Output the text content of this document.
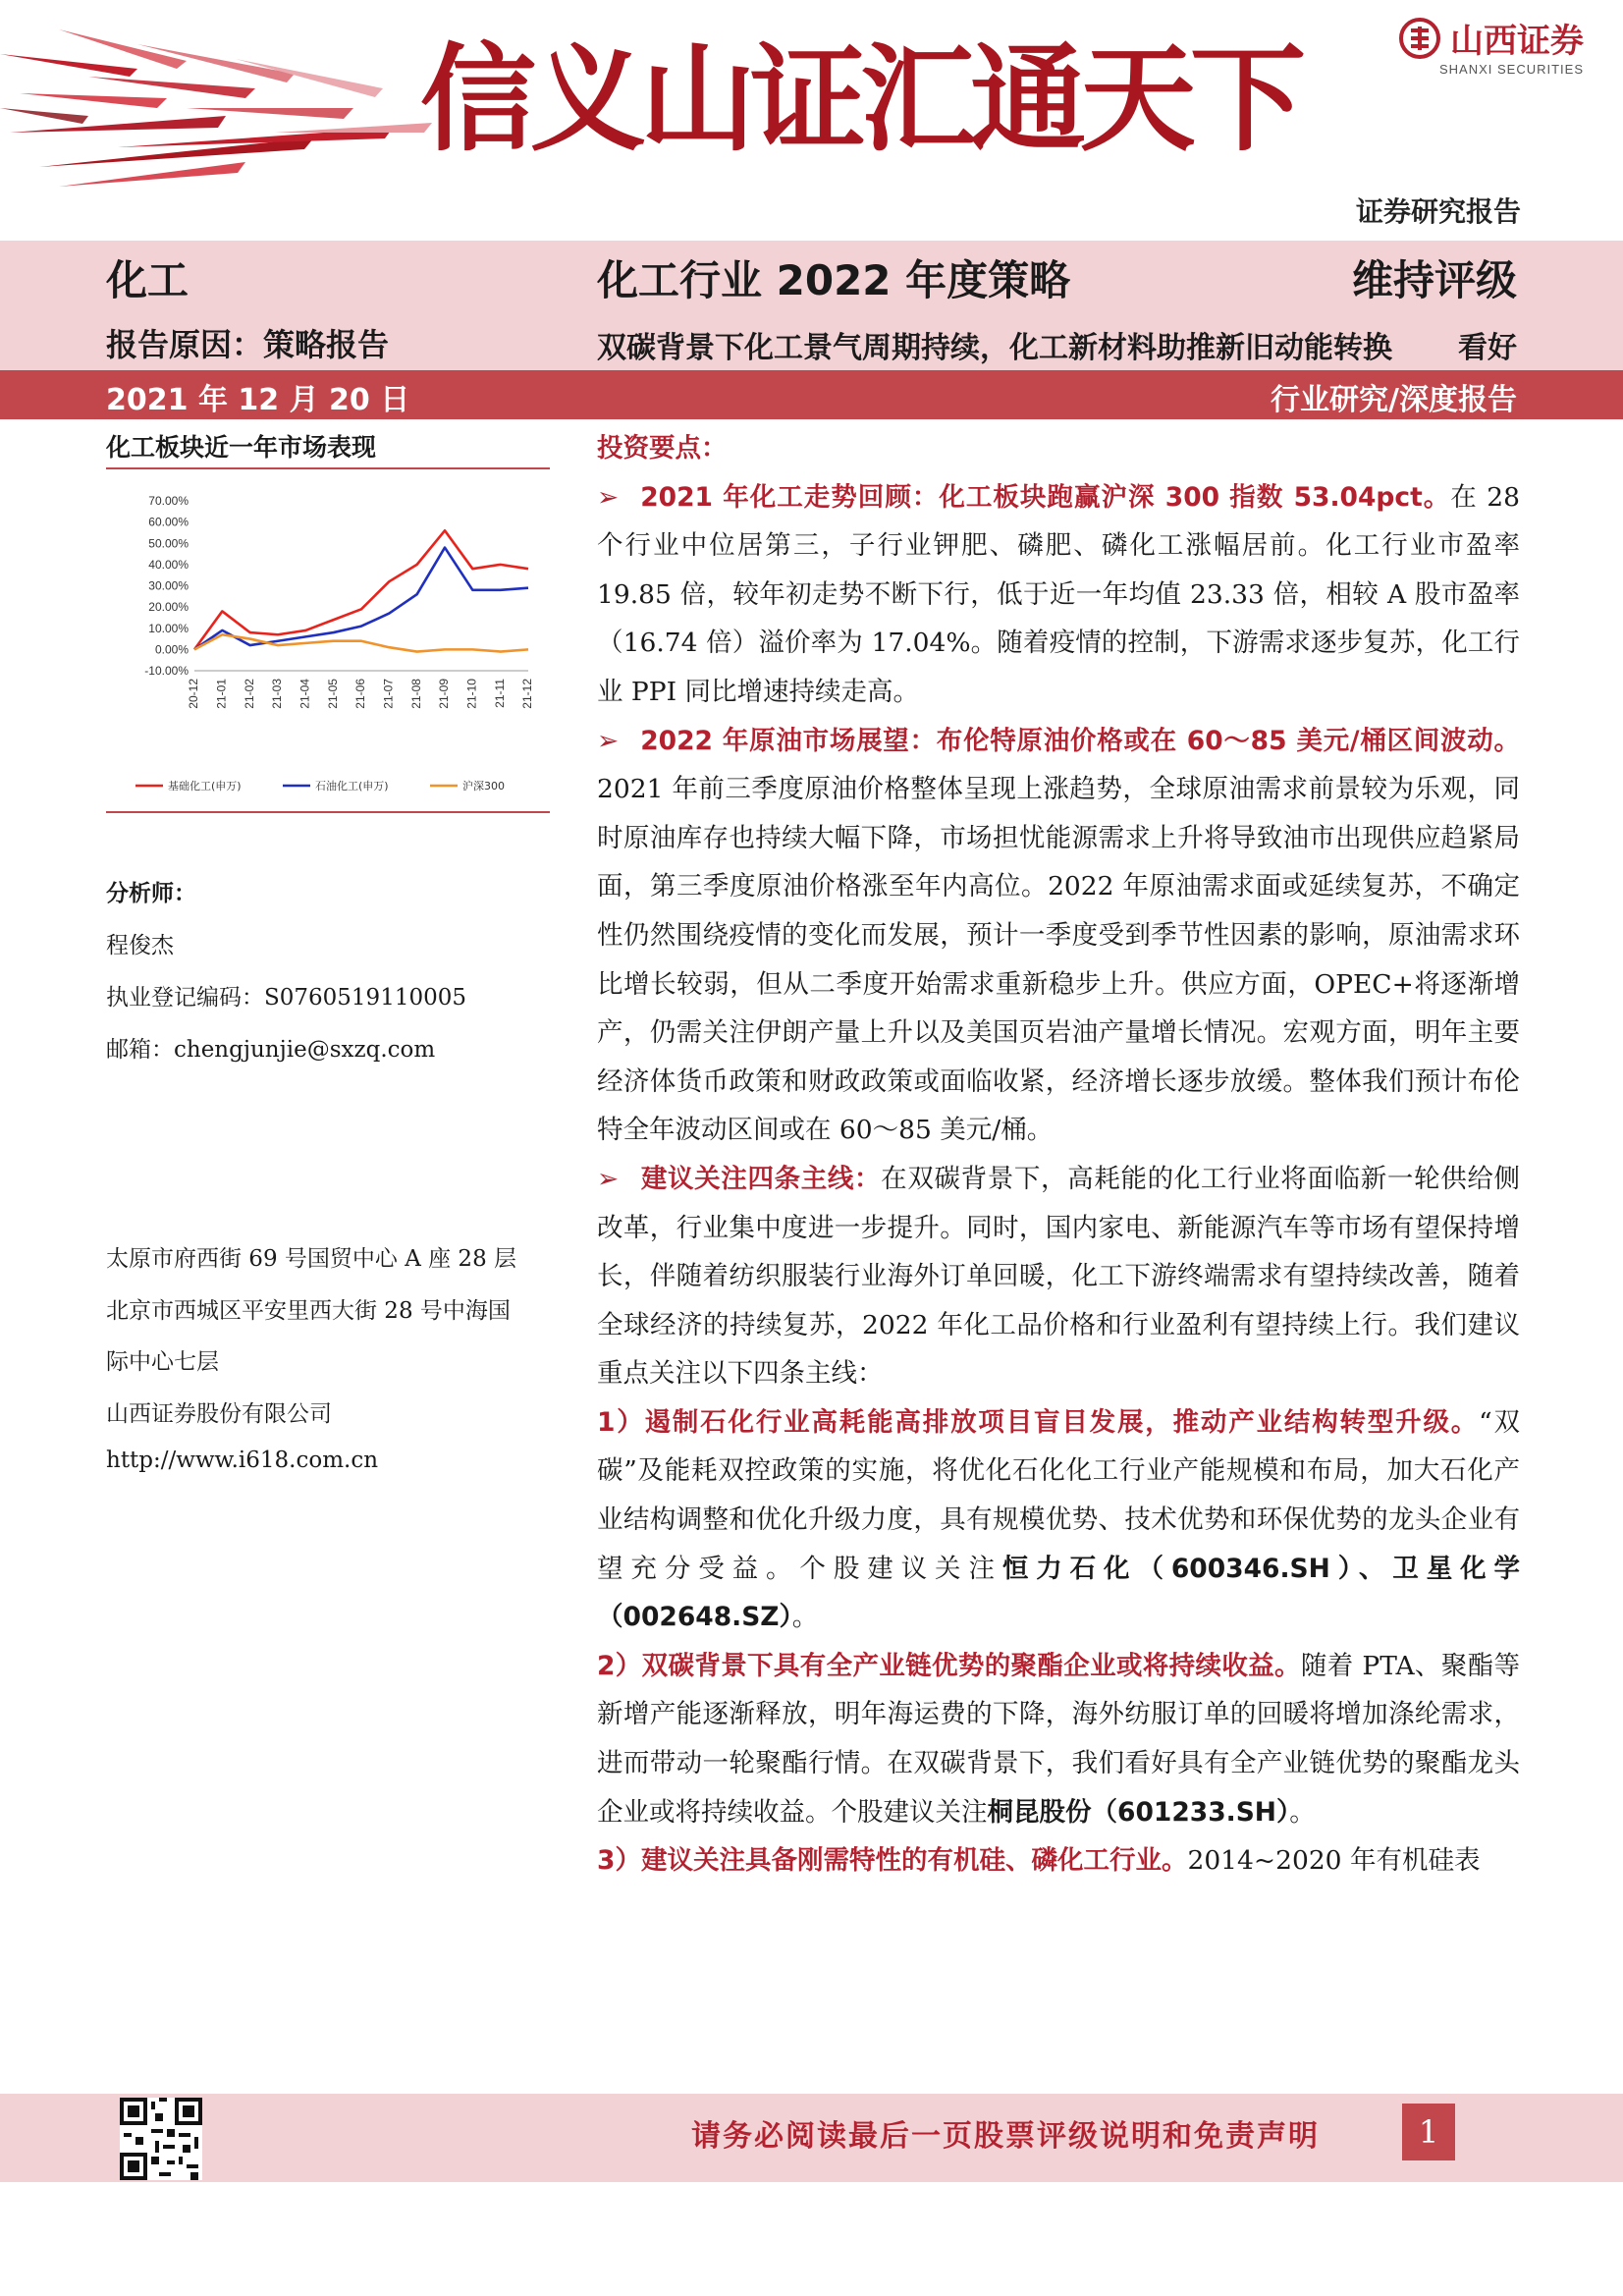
信义山证汇通天下	山西证券
SHANXI SECURITIES
证券研究报告
化工	化工行业 2022 年度策略	维持评级
报告原因：策略报告	双碳背景下化工景气周期持续，化工新材料助推新旧动能转换 看好
2021 年 12 月 20 日	行业研究/深度报告
化工板块近一年市场表现
70.00%
60.00%
50.00%
40.00%
30.00%
20.00%
10.00%
0.00%
-10.00%
20-12 21-01 21-02 21-03 21-04 21-05 21-06 21-07 21-08 21-09 21-10 21-11 21-12
基础化工(申万)	石油化工(申万)	沪深300
分析师：
程俊杰
执业登记编码：S0760519110005
邮箱：chengjunjie@sxzq.com
太原市府西街 69 号国贸中心 A 座 28 层
北京市西城区平安里西大街 28 号中海国
际中心七层
山西证券股份有限公司
http://www.i618.com.cn

投资要点：

➢ 2021 年化工走势回顾：化工板块跑赢沪深 300 指数 53.04pct。在 28 个行业中位居第三，子行业钾肥、磷肥、磷化工涨幅居前。化工行业市盈率 19.85 倍，较年初走势不断下行，低于近一年均值 23.33 倍，相较 A 股市盈率（16.74 倍）溢价率为 17.04%。随着疫情的控制，下游需求逐步复苏，化工行业 PPI 同比增速持续走高。

➢ 2022 年原油市场展望：布伦特原油价格或在 60～85 美元/桶区间波动。2021 年前三季度原油价格整体呈现上涨趋势，全球原油需求前景较为乐观，同时原油库存也持续大幅下降，市场担忧能源需求上升将导致油市出现供应趋紧局面，第三季度原油价格涨至年内高位。2022 年原油需求面或延续复苏，不确定性仍然围绕疫情的变化而发展，预计一季度受到季节性因素的影响，原油需求环比增长较弱，但从二季度开始需求重新稳步上升。供应方面，OPEC+将逐渐增产，仍需关注伊朗产量上升以及美国页岩油产量增长情况。宏观方面，明年主要经济体货币政策和财政政策或面临收紧，经济增长逐步放缓。整体我们预计布伦特全年波动区间或在 60～85 美元/桶。

➢ 建议关注四条主线：在双碳背景下，高耗能的化工行业将面临新一轮供给侧改革，行业集中度进一步提升。同时，国内家电、新能源汽车等市场有望保持增长，伴随着纺织服装行业海外订单回暖，化工下游终端需求有望持续改善，随着全球经济的持续复苏，2022 年化工品价格和行业盈利有望持续上行。我们建议重点关注以下四条主线：

1）遏制石化行业高耗能高排放项目盲目发展，推动产业结构转型升级。“双碳”及能耗双控政策的实施，将优化石化化工行业产能规模和布局，加大石化产业结构调整和优化升级力度，具有规模优势、技术优势和环保优势的龙头企业有望充分受益。个股建议关注恒力石化（600346.SH）、卫星化学（002648.SZ）。

2）双碳背景下具有全产业链优势的聚酯企业或将持续收益。随着 PTA、聚酯等新增产能逐渐释放，明年海运费的下降，海外纺服订单的回暖将增加涤纶需求，进而带动一轮聚酯行情。在双碳背景下，我们看好具有全产业链优势的聚酯龙头企业或将持续收益。个股建议关注桐昆股份（601233.SH）。

3）建议关注具备刚需特性的有机硅、磷化工行业。2014~2020 年有机硅表

请务必阅读最后一页股票评级说明和免责声明	1
